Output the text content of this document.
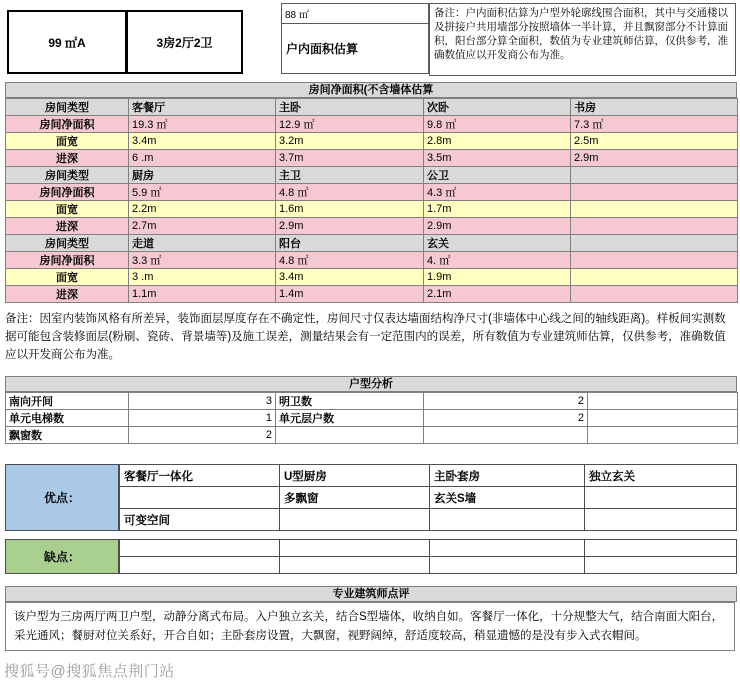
99 ㎡A	3房2厅2卫
88 ㎡
户内面积估算
备注：户内面积估算为户型外轮廓线围合面积，其中与交通楼以及拼接户共用墙部分按照墙体一半计算，并且飘窗部分不计算面积，阳台部分算全面积，数值为专业建筑师估算，仅供参考，准确数值应以开发商公布为准。
房间净面积(不含墙体估算
房间类型	客餐厅	主卧	次卧	书房
房间净面积	19.3 ㎡	12.9 ㎡	9.8 ㎡	7.3 ㎡
面宽	3.4m	3.2m	2.8m	2.5m
进深	6 .m	3.7m	3.5m	2.9m
房间类型	厨房	主卫	公卫	
房间净面积	5.9 ㎡	4.8 ㎡	4.3 ㎡	
面宽	2.2m	1.6m	1.7m	
进深	2.7m	2.9m	2.9m	
房间类型	走道	阳台	玄关	
房间净面积	3.3 ㎡	4.8 ㎡	4. ㎡	
面宽	3 .m	3.4m	1.9m	
进深	1.1m	1.4m	2.1m	
备注：因室内装饰风格有所差异，装饰面层厚度存在不确定性，房间尺寸仅表达墙面结构净尺寸(非墙体中心线之间的轴线距离)。样板间实测数据可能包含装修面层(粉刷、瓷砖、背景墙等)及施工误差，测量结果会有一定范围内的误差，所有数值为专业建筑师估算，仅供参考，准确数值应以开发商公布为准。
户型分析
南向开间	3	明卫数	2	
单元电梯数	1	单元层户数	2	
飘窗数	2			
优点：
客餐厅一体化	U型厨房	主卧套房	独立玄关
	多飘窗	玄关S墙	
可变空间			
缺点：

专业建筑师点评
该户型为三房两厅两卫户型，动静分离式布局。入户独立玄关，结合S型墙体，收纳自如。客餐厅一体化，十分规整大气，结合南面大阳台，采光通风；餐厨对位关系好，开合自如；主卧套房设置，大飘窗，视野阔绰，舒适度较高，稍显遗憾的是没有步入式衣帽间。
搜狐号@搜狐焦点荆门站
